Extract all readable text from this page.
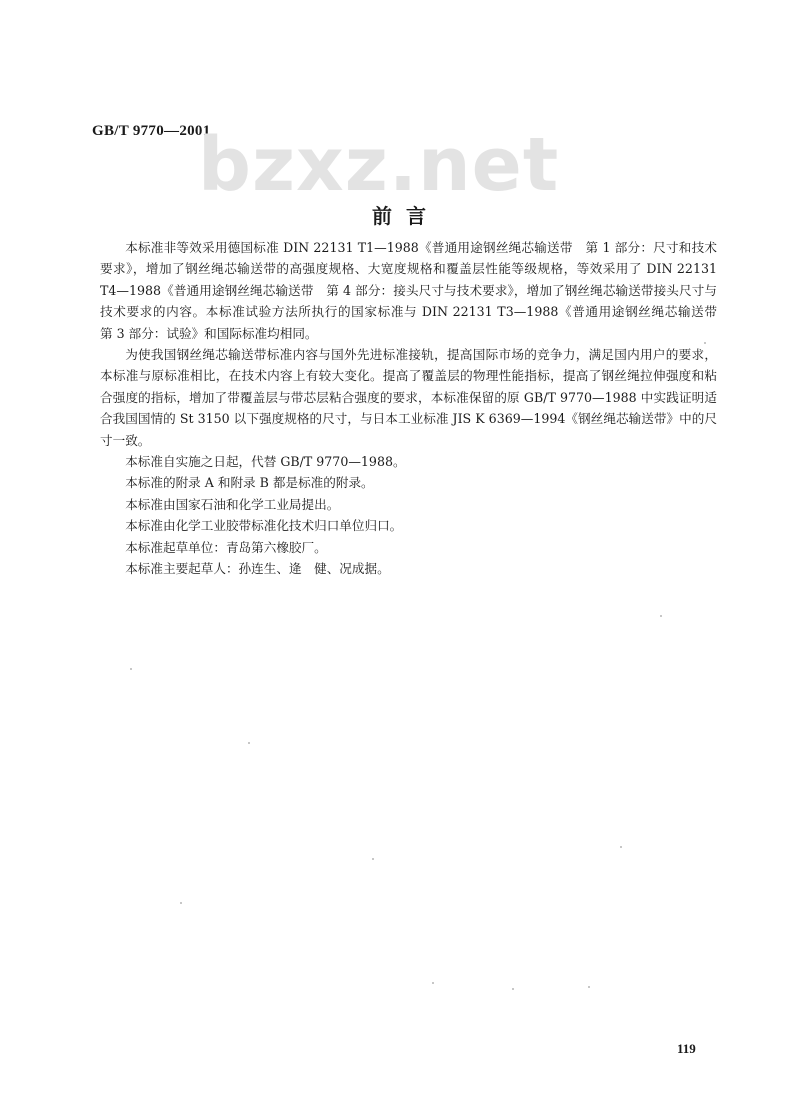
GB/T 9770—2001
bzxz.net
前 言

本标准非等效采用德国标准 DIN 22131 T1—1988《普通用途钢丝绳芯输送带　第 1 部分：尺寸和技术要求》，增加了钢丝绳芯输送带的高强度规格、大宽度规格和覆盖层性能等级规格，等效采用了 DIN 22131 T4—1988《普通用途钢丝绳芯输送带　第 4 部分：接头尺寸与技术要求》，增加了钢丝绳芯输送带接头尺寸与技术要求的内容。本标准试验方法所执行的国家标准与 DIN 22131 T3—1988《普通用途钢丝绳芯输送带　第 3 部分：试验》和国际标准均相同。

为使我国钢丝绳芯输送带标准内容与国外先进标准接轨，提高国际市场的竞争力，满足国内用户的要求，本标准与原标准相比，在技术内容上有较大变化。提高了覆盖层的物理性能指标，提高了钢丝绳拉伸强度和粘合强度的指标，增加了带覆盖层与带芯层粘合强度的要求，本标准保留的原 GB/T 9770—1988 中实践证明适合我国国情的 St 3150 以下强度规格的尺寸，与日本工业标准 JIS K 6369—1994《钢丝绳芯输送带》中的尺寸一致。

本标准自实施之日起，代替 GB/T 9770—1988。

本标准的附录 A 和附录 B 都是标准的附录。

本标准由国家石油和化学工业局提出。

本标准由化学工业胶带标准化技术归口单位归口。

本标准起草单位：青岛第六橡胶厂。

本标准主要起草人：孙连生、逄　健、况成据。

119
